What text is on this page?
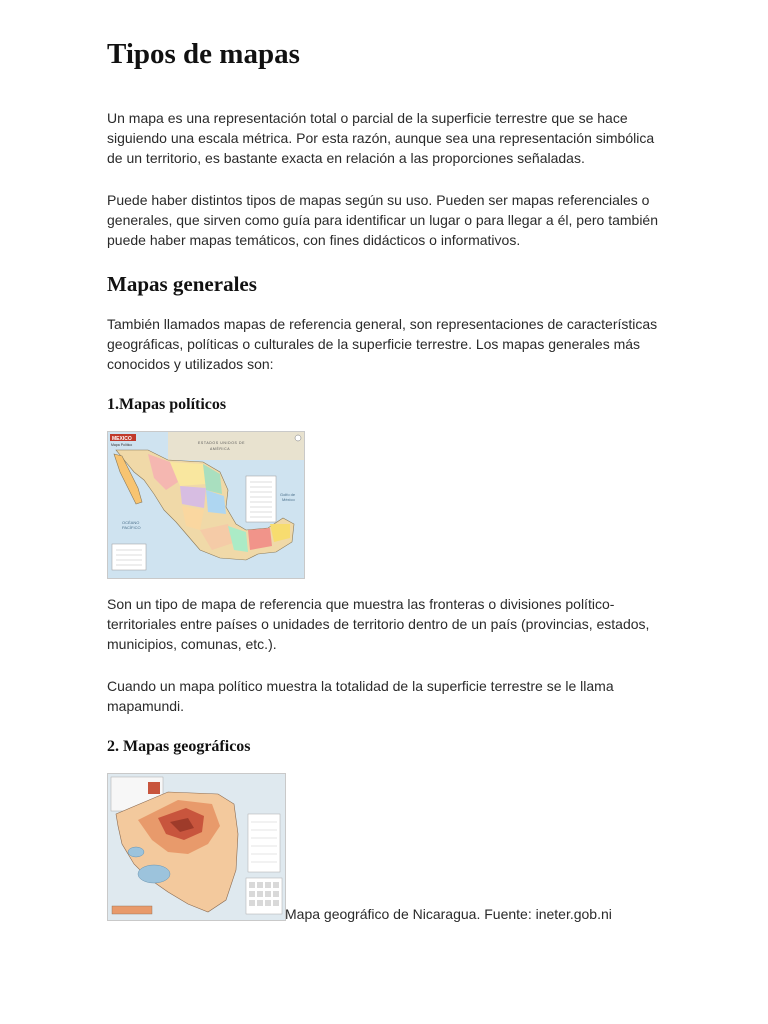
Tipos de mapas

Un mapa es una representación total o parcial de la superficie terrestre que se hace siguiendo una escala métrica. Por esta razón, aunque sea una representación simbólica de un territorio, es bastante exacta en relación a las proporciones señaladas.

Puede haber distintos tipos de mapas según su uso. Pueden ser mapas referenciales o generales, que sirven como guía para identificar un lugar o para llegar a él, pero también puede haber mapas temáticos, con fines didácticos o informativos.

Mapas generales

También llamados mapas de referencia general, son representaciones de características geográficas, políticas o culturales de la superficie terrestre. Los mapas generales más conocidos y utilizados son:

1.Mapas políticos
MEXICO
Mapa Político	ESTADOS UNIDOS DE
AMÉRICA
OCÉANO
PACÍFICO
Golfo de
México

Son un tipo de mapa de referencia que muestra las fronteras o divisiones político-territoriales entre países o unidades de territorio dentro de un país (provincias, estados, municipios, comunas, etc.).

Cuando un mapa político muestra la totalidad de la superficie terrestre se le llama mapamundi.

2. Mapas geográficos
Mapa geográfico de Nicaragua. Fuente: ineter.gob.ni
